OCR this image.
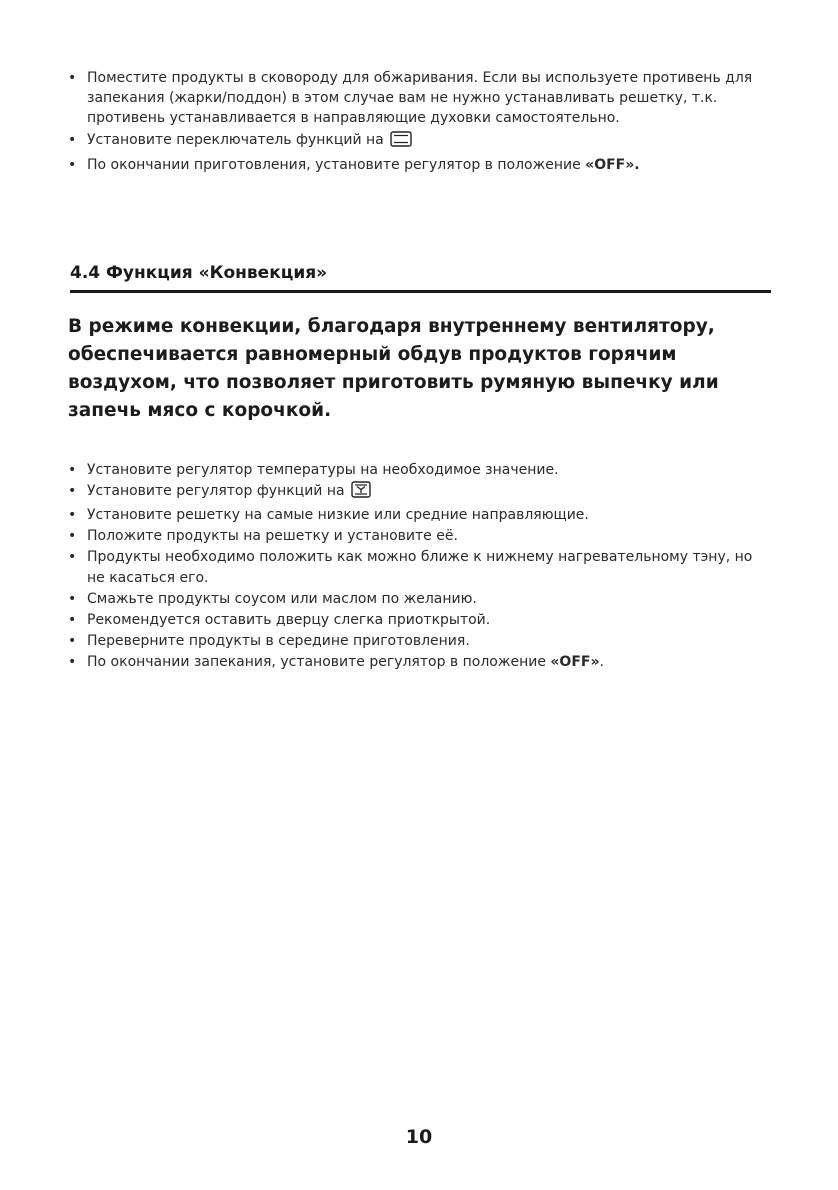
• Поместите продукты в сковороду для обжаривания. Если вы используете противень для запекания (жарки/поддон) в этом случае вам не нужно устанавливать решетку, т.к. противень устанавливается в направляющие духовки самостоятельно.
• Установите переключатель функций на
• По окончании приготовления, установите регулятор в положение «OFF».
4.4 Функция «Конвекция»
В режиме конвекции, благодаря внутреннему вентилятору, обеспечивается равномерный обдув продуктов горячим воздухом, что позволяет приготовить румяную выпечку или запечь мясо с корочкой.
• Установите регулятор температуры на необходимое значение.
• Установите регулятор функций на
• Установите решетку на самые низкие или средние направляющие.
• Положите продукты на решетку и установите её.
• Продукты необходимо положить как можно ближе к нижнему нагревательному тэну, но не касаться его.
• Смажьте продукты соусом или маслом по желанию.
• Рекомендуется оставить дверцу слегка приоткрытой.
• Переверните продукты в середине приготовления.
• По окончании запекания, установите регулятор в положение «OFF».
10
